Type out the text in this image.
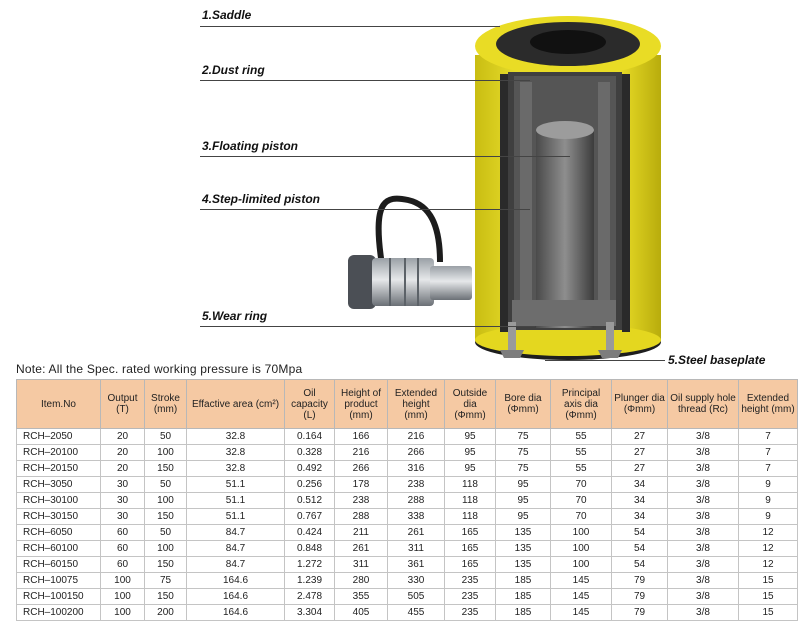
1.Saddle
2.Dust ring
3.Floating piston
4.Step-limited piston
5.Wear ring
5.Steel baseplate
Note: All the Spec. rated working pressure is 70Mpa
Item.No	Output (T)	Stroke (mm)	Effactive area (cm²)	Oil capacity (L)	Height of product (mm)	Extended height (mm)	Outside dia (Φmm)	Bore dia (Φmm)	Principal axis dia (Φmm)	Plunger dia (Φmm)	Oil supply hole thread (Rc)	Extended height (mm)
RCH–2050	20	50	32.8	0.164	166	216	95	75	55	27	3/8	7
RCH–20100	20	100	32.8	0.328	216	266	95	75	55	27	3/8	7
RCH–20150	20	150	32.8	0.492	266	316	95	75	55	27	3/8	7
RCH–3050	30	50	51.1	0.256	178	238	118	95	70	34	3/8	9
RCH–30100	30	100	51.1	0.512	238	288	118	95	70	34	3/8	9
RCH–30150	30	150	51.1	0.767	288	338	118	95	70	34	3/8	9
RCH–6050	60	50	84.7	0.424	211	261	165	135	100	54	3/8	12
RCH–60100	60	100	84.7	0.848	261	311	165	135	100	54	3/8	12
RCH–60150	60	150	84.7	1.272	311	361	165	135	100	54	3/8	12
RCH–10075	100	75	164.6	1.239	280	330	235	185	145	79	3/8	15
RCH–100150	100	150	164.6	2.478	355	505	235	185	145	79	3/8	15
RCH–100200	100	200	164.6	3.304	405	455	235	185	145	79	3/8	15
